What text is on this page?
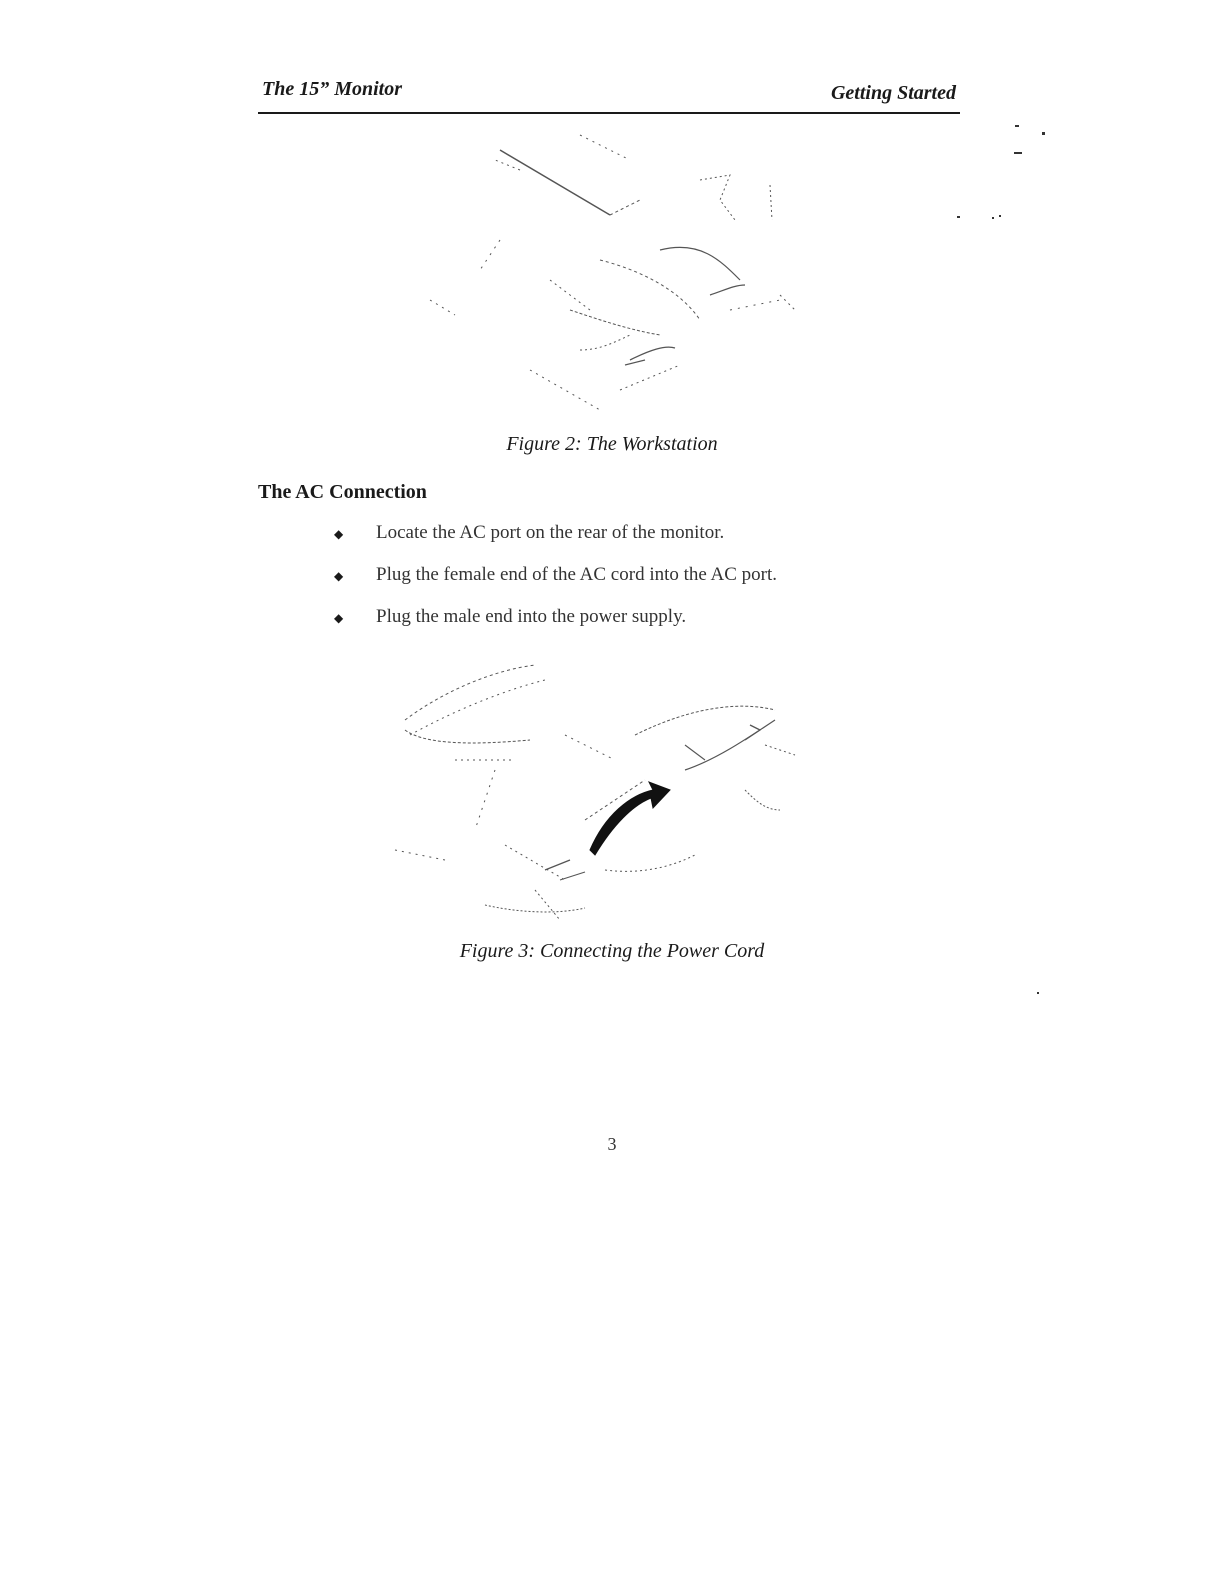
The 15” Monitor	Getting Started
Figure 2: The Workstation
The AC Connection
◆ Locate the AC port on the rear of the monitor.
◆ Plug the female end of the AC cord into the AC port.
◆ Plug the male end into the power supply.
Figure 3: Connecting the Power Cord
3
